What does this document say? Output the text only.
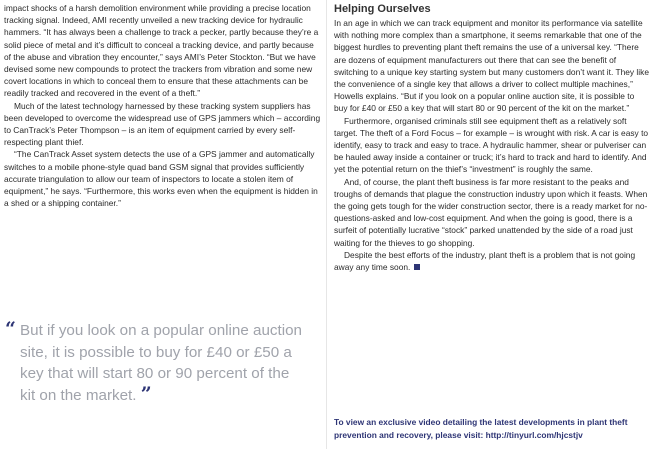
impact shocks of a harsh demolition environment while providing a precise location tracking signal. Indeed, AMI recently unveiled a new tracking device for hydraulic hammers. “It has always been a challenge to track a pecker, partly because they’re a solid piece of metal and it’s difficult to conceal a tracking device, and partly because of the abuse and vibration they encounter,” says AMI’s Peter Stockton. “But we have devised some new compounds to protect the trackers from vibration and some new covert locations in which to conceal them to ensure that these attachments can be readily tracked and recovered in the event of a theft.”

Much of the latest technology harnessed by these tracking system suppliers has been developed to overcome the widespread use of GPS jammers which – according to CanTrack’s Peter Thompson – is an item of equipment carried by every self-respecting plant thief.

“The CanTrack Asset system detects the use of a GPS jammer and automatically switches to a mobile phone-style quad band GSM signal that provides sufficiently accurate triangulation to allow our team of inspectors to locate a stolen item of equipment,” he says. “Furthermore, this works even when the equipment is hidden in a shed or a shipping container.”

“ But if you look on a popular online auction site, it is possible to buy for £40 or £50 a key that will start 80 or 90 percent of the kit on the market. ”
Helping Ourselves

In an age in which we can track equipment and monitor its performance via satellite with nothing more complex than a smartphone, it seems remarkable that one of the biggest hurdles to preventing plant theft remains the use of a universal key. “There are dozens of equipment manufacturers out there that can see the benefit of switching to a unique key starting system but many customers don’t want it. They like the convenience of a single key that allows a driver to collect multiple machines,” Howells explains. “But if you look on a popular online auction site, it is possible to buy for £40 or £50 a key that will start 80 or 90 percent of the kit on the market.”

Furthermore, organised criminals still see equipment theft as a relatively soft target. The theft of a Ford Focus – for example – is wrought with risk. A car is easy to identify, easy to track and easy to trace. A hydraulic hammer, shear or pulveriser can be hauled away inside a container or truck; it’s hard to track and hard to identify. And yet the potential return on the thief’s “investment” is roughly the same.

And, of course, the plant theft business is far more resistant to the peaks and troughs of demands that plague the construction industry upon which it feasts. When the going gets tough for the wider construction sector, there is a ready market for no-questions-asked and low-cost equipment. And when the going is good, there is a surfeit of potentially lucrative “stock” parked unattended by the side of a road just waiting for the thieves to go shopping.

Despite the best efforts of the industry, plant theft is a problem that is not going away any time soon.

To view an exclusive video detailing the latest developments in plant theft prevention and recovery, please visit: http://tinyurl.com/hjcstjv
